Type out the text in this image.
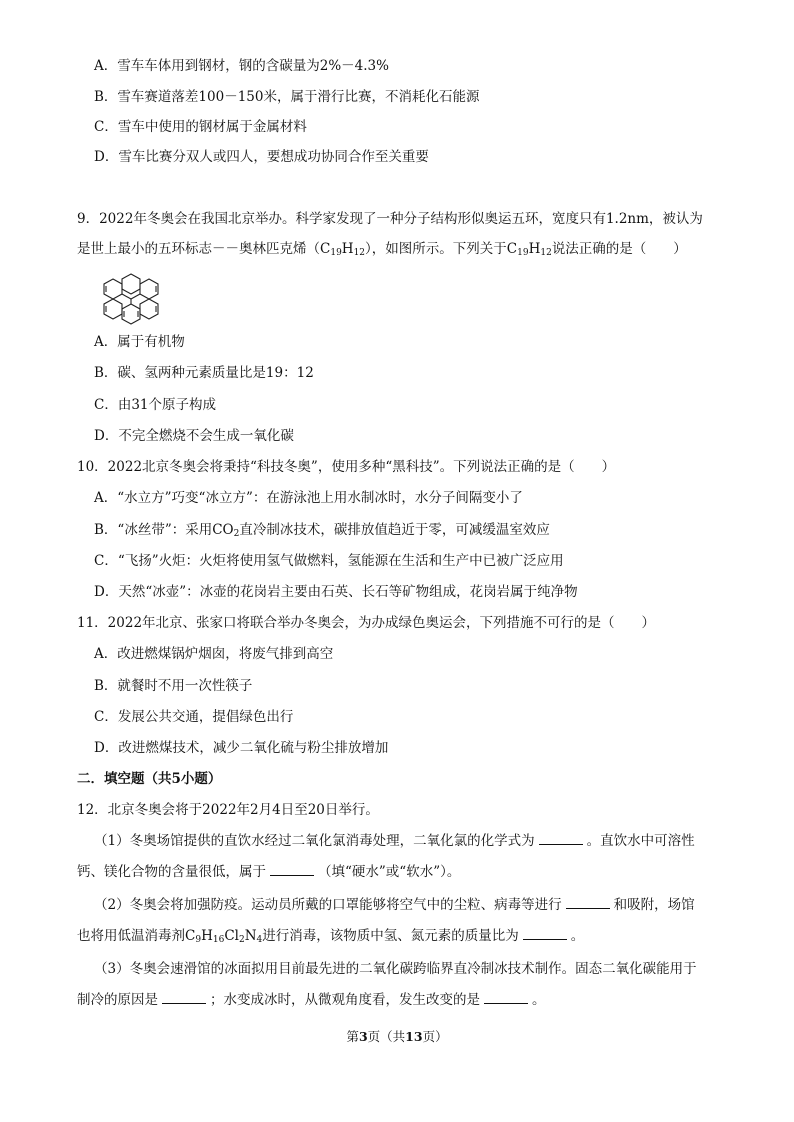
A．雪车车体用到钢材，钢的含碳量为2%－4.3%
B．雪车赛道落差100－150米，属于滑行比赛，不消耗化石能源
C．雪车中使用的钢材属于金属材料
D．雪车比赛分双人或四人，要想成功协同合作至关重要
9．2022年冬奥会在我国北京举办。科学家发现了一种分子结构形似奥运五环，宽度只有1.2nm，被认为
是世上最小的五环标志－－奥林匹克烯（C19H12），如图所示。下列关于C19H12说法正确的是（　　）
A．属于有机物
B．碳、氢两种元素质量比是19：12
C．由31个原子构成
D．不完全燃烧不会生成一氧化碳
10．2022北京冬奥会将秉持“科技冬奥”，使用多种“黑科技”。下列说法正确的是（　　）
A．“水立方”巧变“冰立方”：在游泳池上用水制冰时，水分子间隔变小了
B．“冰丝带”：采用CO2直冷制冰技术，碳排放值趋近于零，可减缓温室效应
C．“飞扬”火炬：火炬将使用氢气做燃料，氢能源在生活和生产中已被广泛应用
D．天然“冰壶”：冰壶的花岗岩主要由石英、长石等矿物组成，花岗岩属于纯净物
11．2022年北京、张家口将联合举办冬奥会，为办成绿色奥运会，下列措施不可行的是（　　）
A．改进燃煤锅炉烟囱，将废气排到高空
B．就餐时不用一次性筷子
C．发展公共交通，提倡绿色出行
D．改进燃煤技术，减少二氧化硫与粉尘排放增加
二．填空题（共5小题）
12．北京冬奥会将于2022年2月4日至20日举行。
（1）冬奥场馆提供的直饮水经过二氧化氯消毒处理，二氧化氯的化学式为	。直饮水中可溶性
钙、镁化合物的含量很低，属于	（填“硬水”或“软水”）。
（2）冬奥会将加强防疫。运动员所戴的口罩能够将空气中的尘粒、病毒等进行	和吸附，场馆
也将用低温消毒剂C9H16Cl2N4进行消毒，该物质中氢、氮元素的质量比为	。
（3）冬奥会速滑馆的冰面拟用目前最先进的二氧化碳跨临界直冷制冰技术制作。固态二氧化碳能用于
制冷的原因是	；水变成冰时，从微观角度看，发生改变的是	。
第3页（共13页）
